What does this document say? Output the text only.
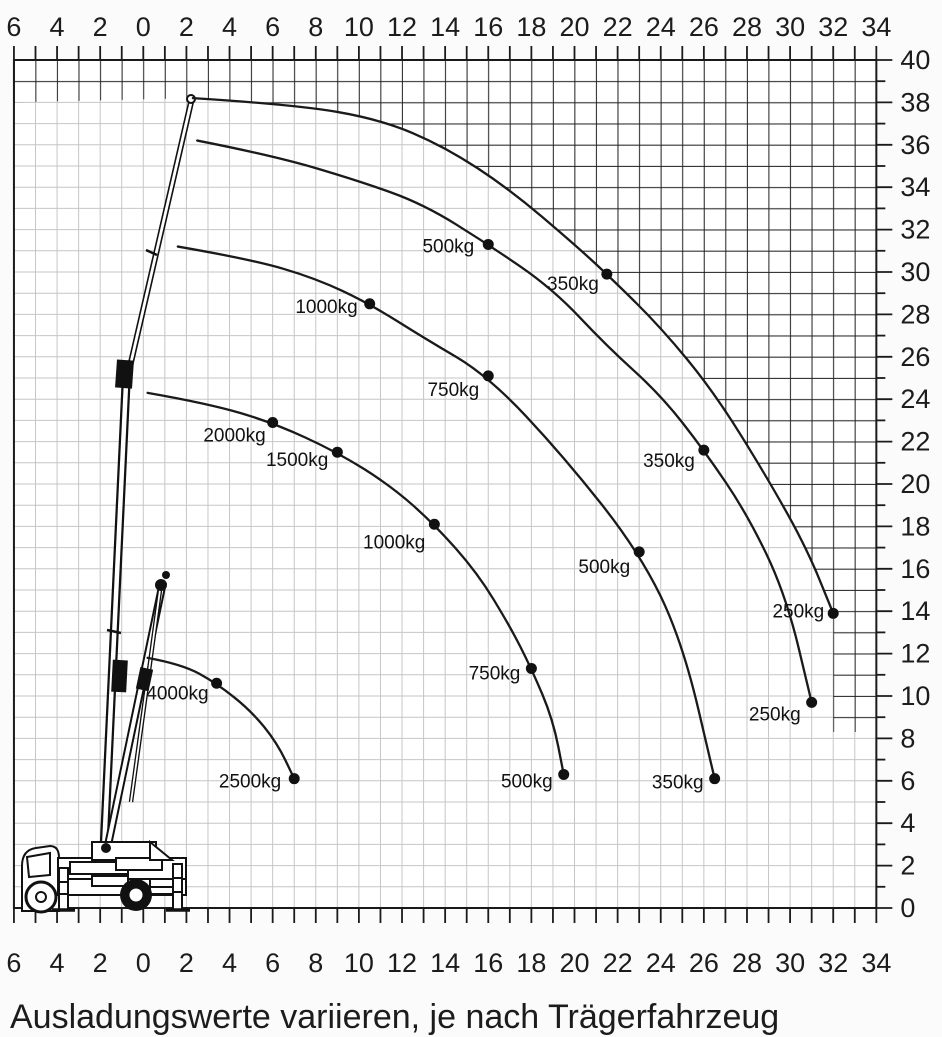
350kg
250kg
500kg
350kg
250kg
1000kg
750kg
500kg
350kg
2000kg
1500kg
1000kg
750kg
500kg
4000kg
2500kg
6
6
4
4
2
2
0
0
2
2
4
4
6
6
8
8
10
10
12
12
14
14
16
16
18
18
20
20
22
22
24
24
26
26
28
28
30
30
32
32
34
34
40
38
36
34
32
30
28
26
24
22
20
18
16
14
12
10
8
6
4
2
0
Ausladungswerte variieren, je nach Trägerfahrzeug
